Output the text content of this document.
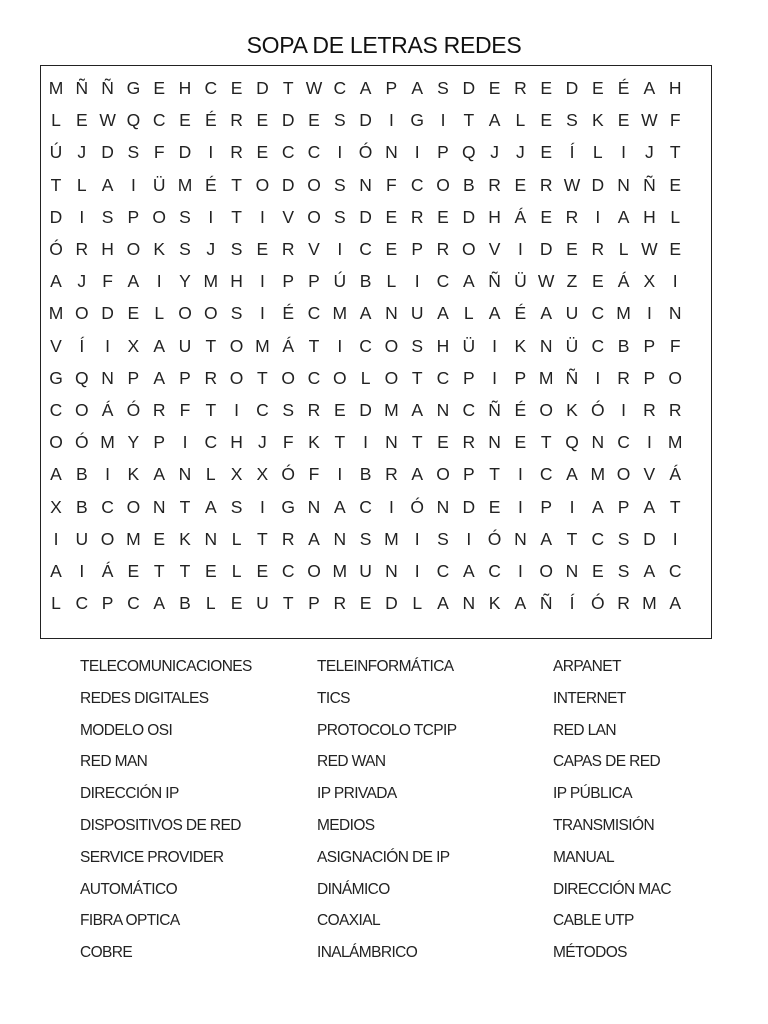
SOPA DE LETRAS REDES
M Ñ Ñ G E H C E D T W C A P A S D E R E D E É A H
L E W Q C E É R E D E S D I G I	T A L E S K E W F
Ú J D S F D I R E C C I Ó N I	P Q J J E	Í	L	I	J T
T L A	I Ü M É T O D O S N F C O B R E R W D N Ñ E
D I	S P O S	I	T	I	V O S D E R E D H Á E R I	A H L
Ó R H O K S J S E R V	I C E P R O V	I D E R L W E
A J F A	I	Y M H I	P P Ú B L	I C A Ñ Ü W Z E Á X	I
M O D E L O O S	I	É C M A N U A L A É A U C M I N
V	Í	I	X A U T O M Á T	I C O S H Ü I	K N Ü C B P F
G Q N P A P R O T O C O L O T C P	I	P M Ñ I R P O
C O Á Ó R F T	I C S R E D M A N C Ñ É O K Ó I R R
O Ó M Y P	I C H J F K T	I N T E R N E T Q N C I M
A B	I	K A N L X X Ó F	I	B R A O P T	I C A M O V Á
X B C O N T A S	I G N A C I Ó N D E	I	P	I	A P A T
I U O M E K N L T R A N S M I	S	I Ó N A T C S D I
A	I	Á E T T E L E C O M U N I C A C I O N E S A C
L C P C A B L E U T P R E D L A N K A Ñ Í Ó R M A
TELECOMUNICACIONES
REDES DIGITALES
MODELO OSI
RED MAN
DIRECCIÓN IP
DISPOSITIVOS DE RED
SERVICE PROVIDER
AUTOMÁTICO
FIBRA OPTICA
COBRE
TELEINFORMÁTICA
TICS
PROTOCOLO TCPIP
RED WAN
IP PRIVADA
MEDIOS
ASIGNACIÓN DE IP
DINÁMICO
COAXIAL
INALÁMBRICO
ARPANET
INTERNET
RED LAN
CAPAS DE RED
IP PÚBLICA
TRANSMISIÓN
MANUAL
DIRECCIÓN MAC
CABLE UTP
MÉTODOS
